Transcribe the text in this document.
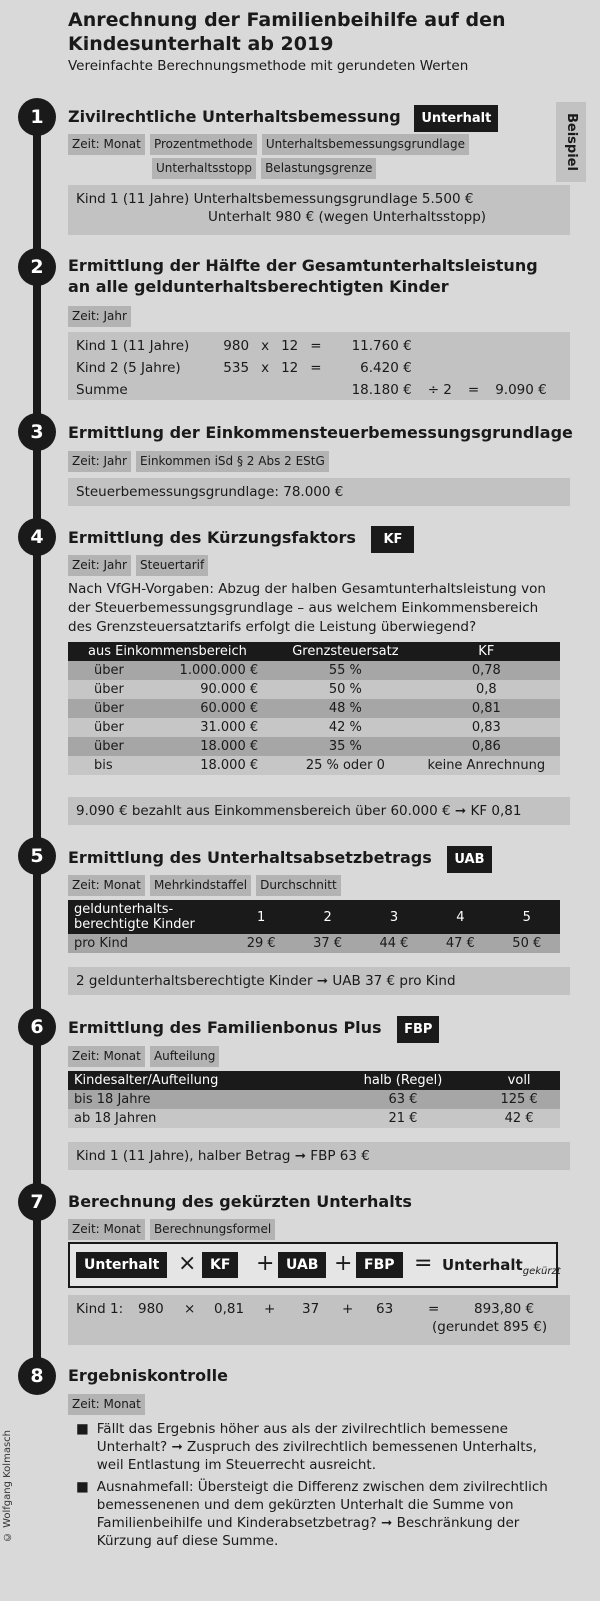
Anrechnung der Familienbeihilfe auf den Kindesunterhalt ab 2019
Vereinfachte Berechnungsmethode mit gerundeten Werten
Beispiel
1	Zivilrechtliche Unterhaltsbemessung Unterhalt
Zeit: Monat Prozentmethode Unterhaltsbemessungsgrundlage
Unterhaltsstopp Belastungsgrenze
Kind 1 (11 Jahre) Unterhaltsbemessungsgrundlage 5.500 €
Unterhalt 980 € (wegen Unterhaltsstopp)
2	Ermittlung der Hälfte der Gesamtunterhaltsleistung an alle geldunterhaltsberechtigten Kinder
Zeit: Jahr
Kind 1 (11 Jahre)	980	x	12	=	11.760 €			
Kind 2 (5 Jahre)	535	x	12	=	6.420 €			
Summe					18.180 €	÷ 2	=	9.090 €
3	Ermittlung der Einkommensteuerbemessungsgrundlage
Zeit: Jahr Einkommen iSd § 2 Abs 2 EStG
Steuerbemessungsgrundlage: 78.000 €
4	Ermittlung des Kürzungsfaktors KF
Zeit: Jahr Steuertarif
Nach VfGH-Vorgaben: Abzug der halben Gesamtunterhaltsleistung von der Steuerbemessungsgrundlage – aus welchem Einkommensbereich des Grenzsteuersatztarifs erfolgt die Leistung überwiegend?
aus Einkommensbereich		Grenzsteuersatz	KF
über	1.000.000 €	55 %	0,78
über	90.000 €	50 %	0,8
über	60.000 €	48 %	0,81
über	31.000 €	42 %	0,83
über	18.000 €	35 %	0,86
bis	18.000 €	25 % oder 0	keine Anrechnung
9.090 € bezahlt aus Einkommensbereich über 60.000 € ➞ KF 0,81
5	Ermittlung des Unterhaltsabsetzbetrags UAB
Zeit: Monat Mehrkindstaffel Durchschnitt
geldunterhalts-berechtigte Kinder	1	2	3	4	5
pro Kind	29 €	37 €	44 €	47 €	50 €
2 geldunterhaltsberechtigte Kinder ➞ UAB 37 € pro Kind
6	Ermittlung des Familienbonus Plus FBP
Zeit: Monat Aufteilung
Kindesalter/Aufteilung	halb (Regel)	voll
bis 18 Jahre	63 €	125 €
ab 18 Jahren	21 €	42 €
Kind 1 (11 Jahre), halber Betrag ➞ FBP 63 €
7	Berechnung des gekürzten Unterhalts
Zeit: Monat Berechnungsformel
Unterhalt × KF	+ UAB + FBP = Unterhalt$_{gekürzt}$
Kind 1: 980 × 0,81 + 37 + 63	=	893,80 €
(gerundet 895 €)
8	Ergebniskontrolle
Zeit: Monat
■ Fällt das Ergebnis höher aus als der zivilrechtlich bemessene Unterhalt? ➞ Zuspruch des zivilrechtlich bemessenen Unterhalts, weil Entlastung im Steuerrecht ausreicht.
■ Ausnahmefall: Übersteigt die Differenz zwischen dem zivilrechtlich bemessenenen und dem gekürzten Unterhalt die Summe von Familienbeihilfe und Kinderabsetzbetrag? ➞ Beschränkung der Kürzung auf diese Summe.
© Wolfgang Kolmasch
